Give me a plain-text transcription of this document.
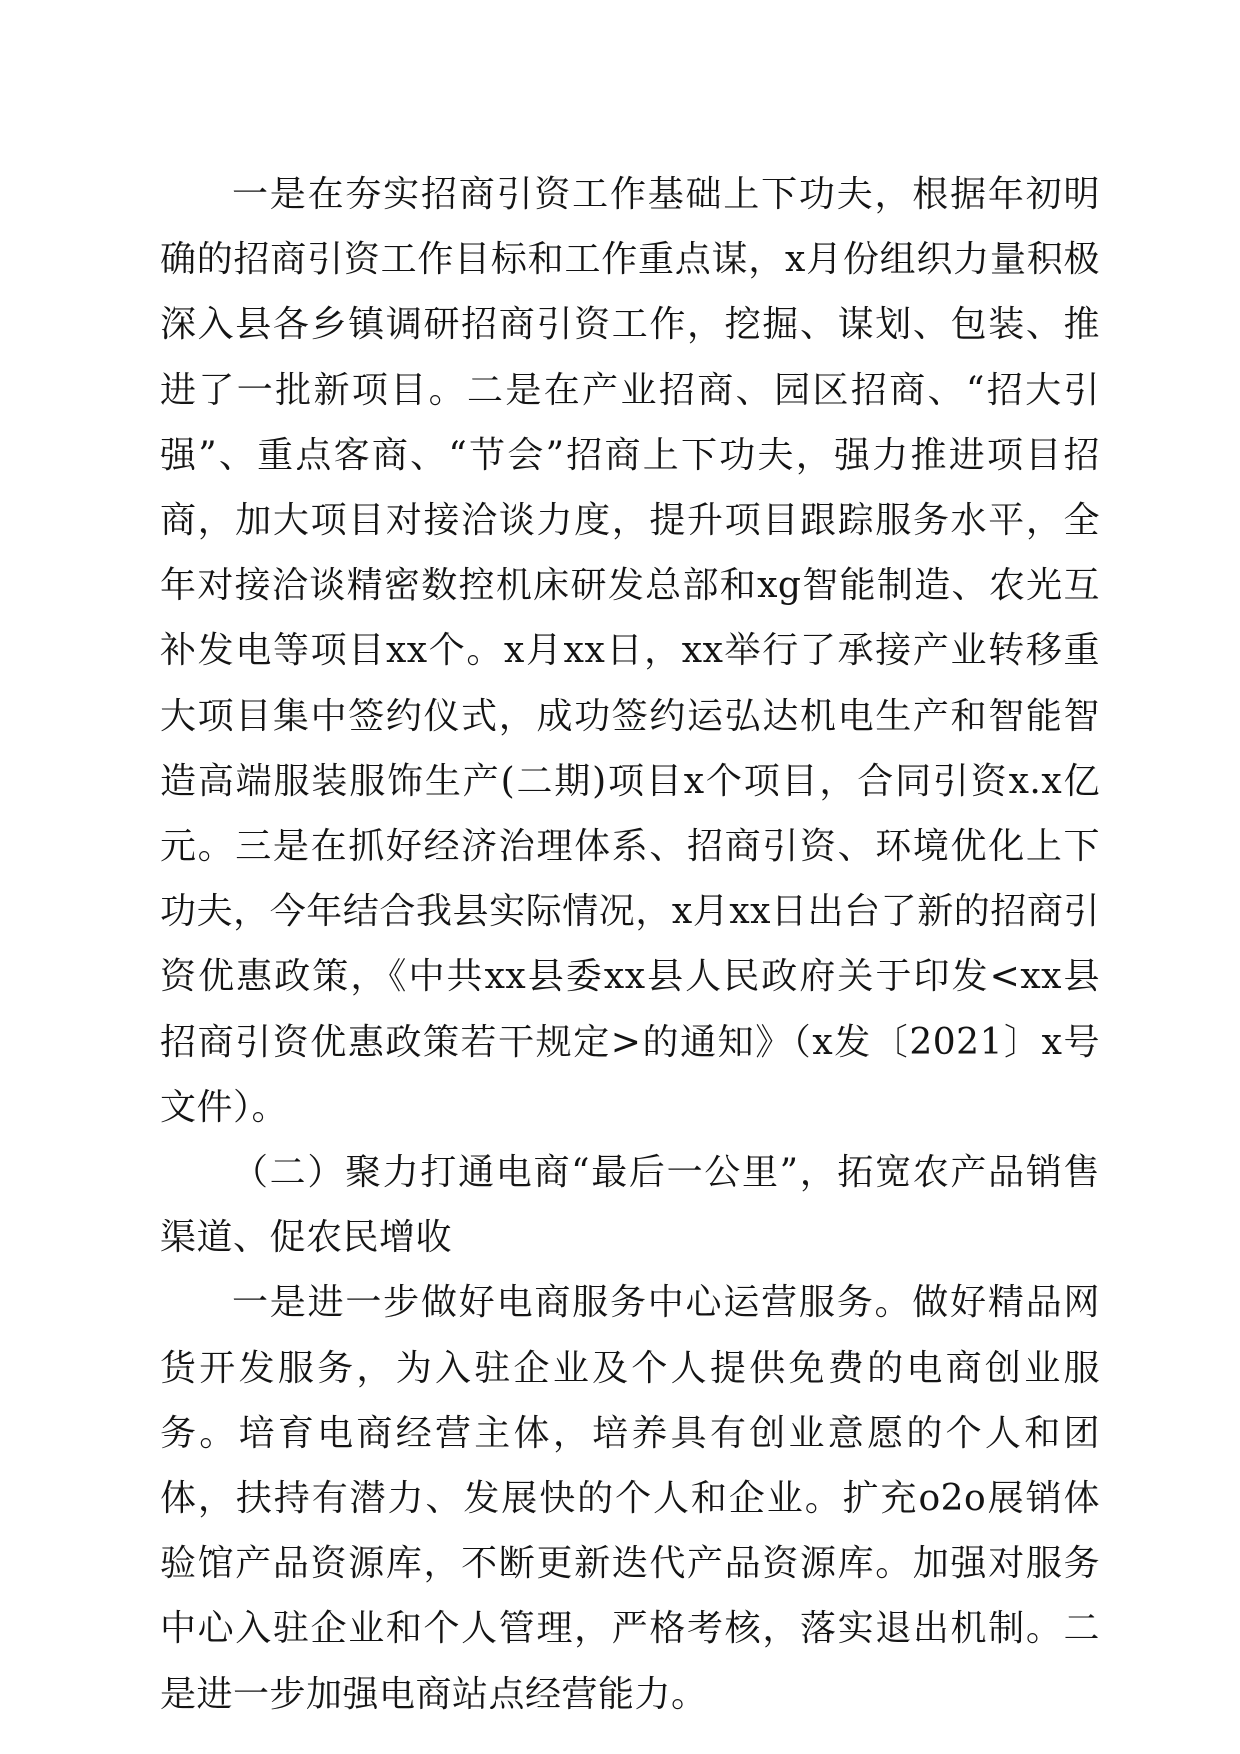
一是在夯实招商引资工作基础上下功夫，根据年初明确的招商引资工作目标和工作重点谋，x月份组织力量积极深入县各乡镇调研招商引资工作，挖掘、谋划、包装、推进了一批新项目。二是在产业招商、园区招商、“招大引强”、重点客商、“节会”招商上下功夫，强力推进项目招商，加大项目对接洽谈力度，提升项目跟踪服务水平，全年对接洽谈精密数控机床研发总部和xg智能制造、农光互补发电等项目xx个。x月xx日，xx举行了承接产业转移重大项目集中签约仪式，成功签约运弘达机电生产和智能智造高端服装服饰生产(二期)项目x个项目，合同引资x.x亿元。三是在抓好经济治理体系、招商引资、环境优化上下功夫，今年结合我县实际情况，x月xx日出台了新的招商引资优惠政策，《中共xx县委xx县人民政府关于印发<xx县招商引资优惠政策若干规定>的通知》（x发〔2021〕x号文件）。

（二）聚力打通电商“最后一公里”，拓宽农产品销售渠道、促农民增收

一是进一步做好电商服务中心运营服务。做好精品网货开发服务，为入驻企业及个人提供免费的电商创业服务。培育电商经营主体，培养具有创业意愿的个人和团体，扶持有潜力、发展快的个人和企业。扩充o2o展销体验馆产品资源库，不断更新迭代产品资源库。加强对服务中心入驻企业和个人管理，严格考核，落实退出机制。二是进一步加强电商站点经营能力。
